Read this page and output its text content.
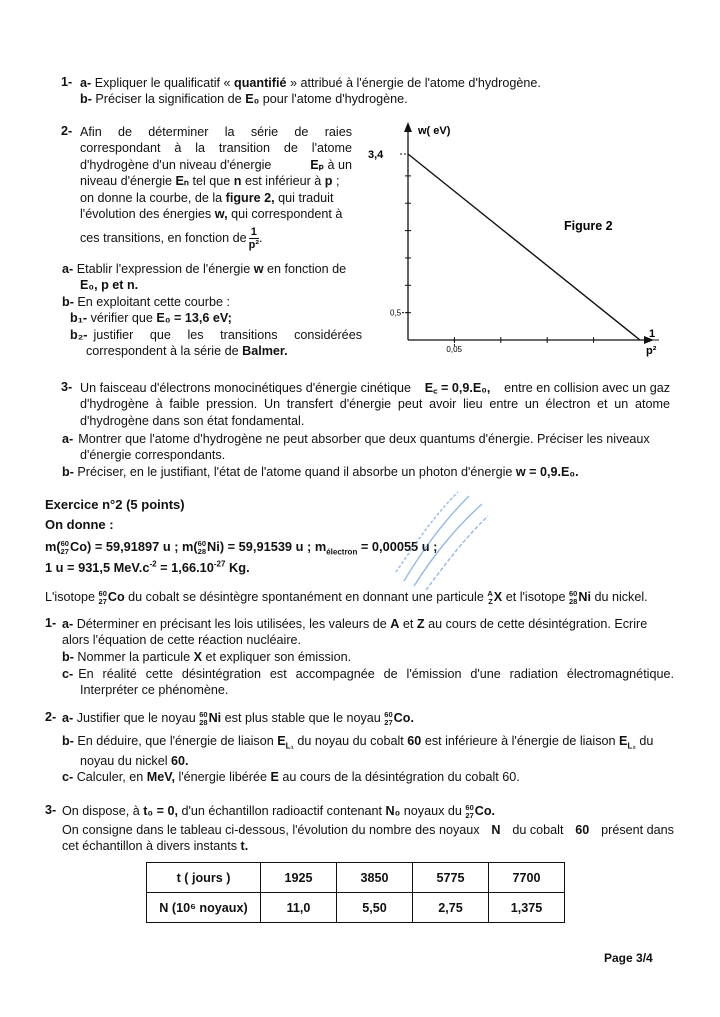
1- a- Expliquer le qualificatif « quantifié » attribué à l'énergie de l'atome d'hydrogène.
b- Préciser la signification de E₀ pour l'atome d'hydrogène.
2- Afin de déterminer la série de raies
correspondant à la transition de l'atome
d'hydrogène d'un niveau d'énergie	Eₚ à un
niveau d'énergie Eₙ tel que n est inférieur à p ;
on donne la courbe, de la figure 2, qui traduit
l'évolution des énergies w, qui correspondent à
ces transitions, en fonction de $\frac{1}{\text{p²}}$ .
a- Etablir l'expression de l'énergie w en fonction de
E₀, p et n.
b- En exploitant cette courbe :
b₁- vérifier que E₀ = 13,6 eV;
b₂- justifier que les transitions considérées
correspondent à la série de Balmer.
w( eV)
3,4
0,5
0,05
1
p²
Figure 2
3- Un faisceau d'électrons monocinétiques d'énergie cinétique E꜀ = 0,9.E₀, entre en collision avec un gaz
d'hydrogène à faible pression. Un transfert d'énergie peut avoir lieu entre un électron et un atome
d'hydrogène dans son état fondamental.
a- Montrer que l'atome d'hydrogène ne peut absorber que deux quantums d'énergie. Préciser les niveaux
d'énergie correspondants.
b- Préciser, en le justifiant, l'état de l'atome quand il absorbe un photon d'énergie w = 0,9.E₀.
Exercice n°2 (5 points)
On donne :
m( 60
27 Co) = 59,91897 u ; m( 60
28 Ni) = 59,91539 u ; $m_{électron} = 0,00055$ u ;
1 u = 931,5 $MeV.c^{-2} = 1,66.10^{-27}$ Kg.
L'isotope 60
27 Co du cobalt se désintègre spontanément en donnant une particule A
Z X et l'isotope 60
28 Ni du nickel.
1- a- Déterminer en précisant les lois utilisées, les valeurs de A et Z au cours de cette désintégration. Ecrire
alors l'équation de cette réaction nucléaire.
b- Nommer la particule X et expliquer son émission.
c- En réalité cette désintégration est accompagnée de l'émission d'une radiation électromagnétique.
Interpréter ce phénomène.
2- a- Justifier que le noyau 60
28 Ni est plus stable que le noyau 60
27 Co.
b- En déduire, que l'énergie de liaison $E_{L_1}$ du noyau du cobalt 60 est inférieure à l'énergie de liaison $E_{L_2}$ du
noyau du nickel 60.
c- Calculer, en MeV, l'énergie libérée E au cours de la désintégration du cobalt 60.
3- On dispose, à t₀ = 0, d'un échantillon radioactif contenant N₀ noyaux du 60
27 Co.
On consigne dans le tableau ci-dessous, l'évolution du nombre des noyaux N du cobalt 60 présent dans
cet échantillon à divers instants t.
t ( jours )	1925	3850	5775	7700
N (10⁶ noyaux)	11,0	5,50	2,75	1,375
Page 3/4
